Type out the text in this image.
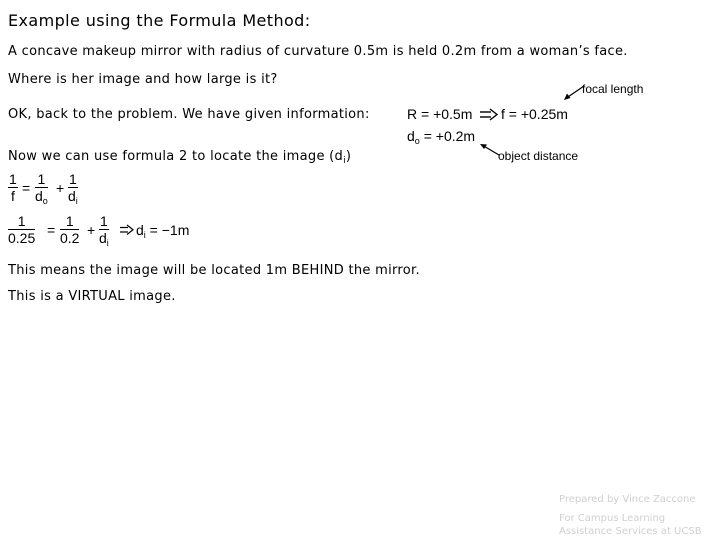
Example using the Formula Method:
A concave makeup mirror with radius of curvature 0.5m is held 0.2m from a woman’s face.
Where is her image and how large is it?
OK, back to the problem. We have given information:	R = +0.5m f = +0.25m
$d_o = +0.2m$
focal length
object distance
Now we can use formula 2 to locate the image $(d_i)$
$\frac{1}{f} = \frac{1}{d_o} + \frac{1}{d_i}$
$\frac{1}{0.25} = \frac{1}{0.2} + \frac{1}{d_i} d_i = -1m$
This means the image will be located 1m BEHIND the mirror.
This is a VIRTUAL image.
Prepared by Vince Zaccone
For Campus Learning
Assistance Services at UCSB
